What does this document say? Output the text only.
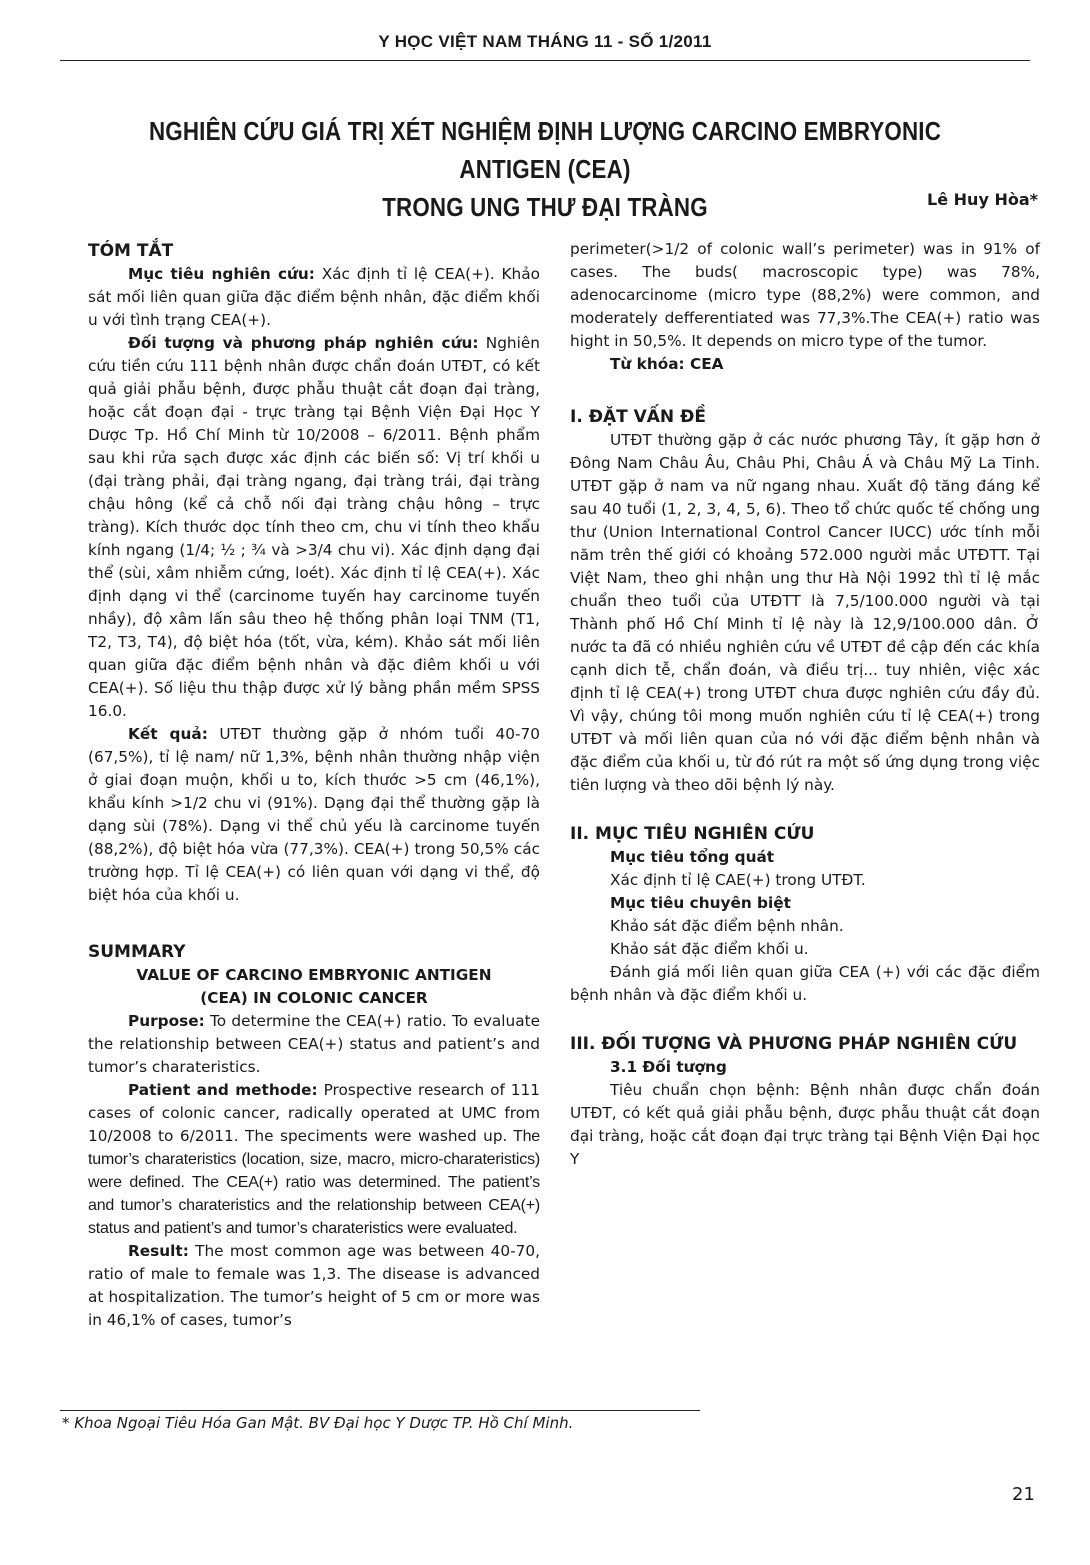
Y HỌC VIỆT NAM THÁNG 11 - SỐ 1/2011
NGHIÊN CỨU GIÁ TRỊ XÉT NGHIỆM ĐỊNH LƯỢNG CARCINO EMBRYONIC ANTIGEN (CEA)
TRONG UNG THƯ ĐẠI TRÀNG	Lê Huy Hòa*
TÓM TẮT

Mục tiêu nghiên cứu: Xác định tỉ lệ CEA(+). Khảo sát mối liên quan giữa đặc điểm bệnh nhân, đặc điểm khối u với tình trạng CEA(+).

Đối tượng và phương pháp nghiên cứu: Nghiên cứu tiền cứu 111 bệnh nhân được chẩn đoán UTĐT, có kết quả giải phẫu bệnh, được phẫu thuật cắt đoạn đại tràng, hoặc cắt đoạn đại - trực tràng tại Bệnh Viện Đại Học Y Dược Tp. Hồ Chí Minh từ 10/2008 – 6/2011. Bệnh phẩm sau khi rửa sạch được xác định các biến số: Vị trí khối u (đại tràng phải, đại tràng ngang, đại tràng trái, đại tràng chậu hông (kể cả chỗ nối đại tràng chậu hông – trực tràng). Kích thước dọc tính theo cm, chu vi tính theo khẩu kính ngang (1/4; ½ ; ¾ và >3/4 chu vi). Xác định dạng đại thể (sùi, xâm nhiễm cứng, loét). Xác định tỉ lệ CEA(+). Xác định dạng vi thể (carcinome tuyến hay carcinome tuyến nhầy), độ xâm lấn sâu theo hệ thống phân loại TNM (T1, T2, T3, T4), độ biệt hóa (tốt, vừa, kém). Khảo sát mối liên quan giữa đặc điểm bệnh nhân và đặc điêm khối u với CEA(+). Số liệu thu thập được xử lý bằng phần mềm SPSS 16.0.

Kết quả: UTĐT thường gặp ở nhóm tuổi 40-70 (67,5%), tỉ lệ nam/ nữ 1,3%, bệnh nhân thường nhập viện ở giai đoạn muộn, khối u to, kích thước >5 cm (46,1%), khẩu kính >1/2 chu vi (91%). Dạng đại thể thường gặp là dạng sùi (78%). Dạng vi thể chủ yếu là carcinome tuyến (88,2%), độ biệt hóa vừa (77,3%). CEA(+) trong 50,5% các trường hợp. Tỉ lệ CEA(+) có liên quan với dạng vi thể, độ biệt hóa của khối u.

SUMMARY
VALUE OF CARCINO EMBRYONIC ANTIGEN
(CEA) IN COLONIC CANCER

Purpose: To determine the CEA(+) ratio. To evaluate the relationship between CEA(+) status and patient’s and tumor’s charateristics.

Patient and methode: Prospective research of 111 cases of colonic cancer, radically operated at UMC from 10/2008 to 6/2011. The speciments were washed up. The tumor’s charateristics (location, size, macro, micro-charateristics) were defined. The CEA(+) ratio was determined. The patient’s and tumor’s charateristics and the relationship between CEA(+) status and patient’s and tumor’s charateristics were evaluated.

Result: The most common age was between 40-70, ratio of male to female was 1,3. The disease is advanced at hospitalization. The tumor’s height of 5 cm or more was in 46,1% of cases, tumor’s

perimeter(>1/2 of colonic wall’s perimeter) was in 91% of cases. The buds( macroscopic type) was 78%, adenocarcinome (micro type (88,2%) were common, and moderately defferentiated was 77,3%.The CEA(+) ratio was hight in 50,5%. It depends on micro type of the tumor.

Từ khóa: CEA

I. ĐẶT VẤN ĐỀ

UTĐT thường gặp ở các nước phương Tây, ít gặp hơn ở Đông Nam Châu Âu, Châu Phi, Châu Á và Châu Mỹ La Tinh. UTĐT gặp ở nam va nữ ngang nhau. Xuất độ tăng đáng kể sau 40 tuổi (1, 2, 3, 4, 5, 6). Theo tổ chức quốc tế chống ung thư (Union International Control Cancer IUCC) ước tính mỗi năm trên thế giới có khoảng 572.000 người mắc UTĐTT. Tại Việt Nam, theo ghi nhận ung thư Hà Nội 1992 thì tỉ lệ mắc chuẩn theo tuổi của UTĐTT là 7,5/100.000 người và tại Thành phố Hồ Chí Minh tỉ lệ này là 12,9/100.000 dân. Ở nước ta đã có nhiều nghiên cứu về UTĐT đề cập đến các khía cạnh dich tễ, chẩn đoán, và điều trị... tuy nhiên, việc xác định tỉ lệ CEA(+) trong UTĐT chưa được nghiên cứu đầy đủ. Vì vậy, chúng tôi mong muốn nghiên cứu tỉ lệ CEA(+) trong UTĐT và mối liên quan của nó với đặc điểm bệnh nhân và đặc điểm của khối u, từ đó rút ra một số ứng dụng trong việc tiên lượng và theo dõi bệnh lý này.

II. MỤC TIÊU NGHIÊN CỨU
Mục tiêu tổng quát

Xác định tỉ lệ CAE(+) trong UTĐT.

Mục tiêu chuyên biệt

Khảo sát đặc điểm bệnh nhân.

Khảo sát đặc điểm khối u.

Đánh giá mối liên quan giữa CEA (+) với các đặc điểm bệnh nhân và đặc điểm khối u.

III. ĐỐI TƯỢNG VÀ PHƯƠNG PHÁP NGHIÊN CỨU
3.1 Đối tượng

Tiêu chuẩn chọn bệnh: Bệnh nhân được chẩn đoán UTĐT, có kết quả giải phẫu bệnh, được phẫu thuật cắt đoạn đại tràng, hoặc cắt đoạn đại trực tràng tại Bệnh Viện Đại học Y

* Khoa Ngoại Tiêu Hóa Gan Mật. BV Đại học Y Dược TP. Hồ Chí Minh.
21
